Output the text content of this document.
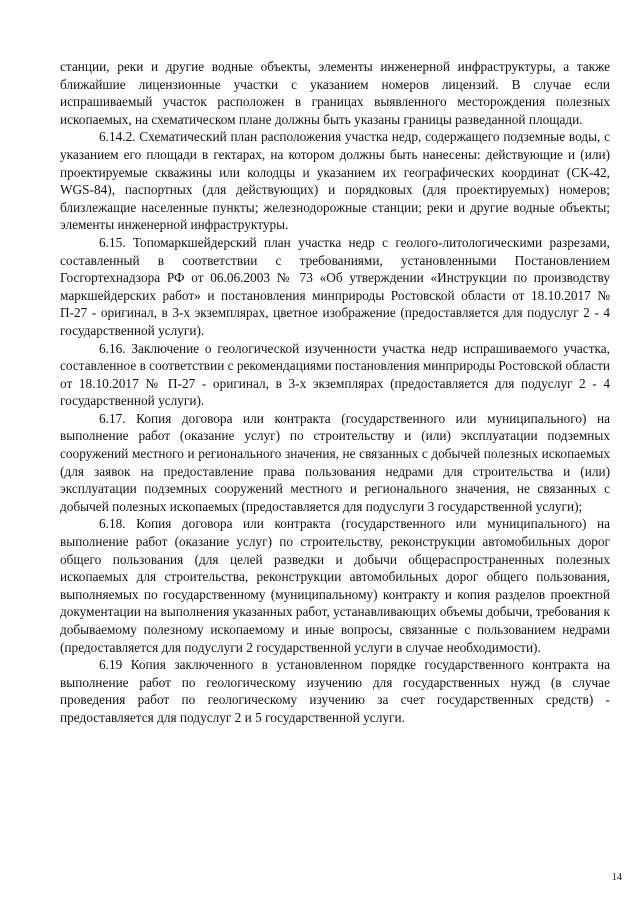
станции, реки и другие водные объекты, элементы инженерной инфраструктуры, а также ближайшие лицензионные участки с указанием номеров лицензий. В случае если испрашиваемый участок расположен в границах выявленного месторождения полезных ископаемых, на схематическом плане должны быть указаны границы разведанной площади.

6.14.2. Схематический план расположения участка недр, содержащего подземные воды, с указанием его площади в гектарах, на котором должны быть нанесены: действующие и (или) проектируемые скважины или колодцы и указанием их географических координат (СК-42, WGS-84), паспортных (для действующих) и порядковых (для проектируемых) номеров; близлежащие населенные пункты; железнодорожные станции; реки и другие водные объекты; элементы инженерной инфраструктуры.

6.15. Топомаркшейдерский план участка недр с геолого-литологическими разрезами, составленный в соответствии с требованиями, установленными Постановлением Госгортехнадзора РФ от 06.06.2003 № 73 «Об утверждении «Инструкции по производству маркшейдерских работ» и постановления минприроды Ростовской области от 18.10.2017 № П-27 - оригинал, в 3-х экземплярах, цветное изображение (предоставляется для подуслуг 2 - 4 государственной услуги).

6.16. Заключение о геологической изученности участка недр испрашиваемого участка, составленное в соответствии с рекомендациями постановления минприроды Ростовской области от 18.10.2017 № П-27 - оригинал, в 3-х экземплярах (предоставляется для подуслуг 2 - 4 государственной услуги).

6.17. Копия договора или контракта (государственного или муниципального) на выполнение работ (оказание услуг) по строительству и (или) эксплуатации подземных сооружений местного и регионального значения, не связанных с добычей полезных ископаемых (для заявок на предоставление права пользования недрами для строительства и (или) эксплуатации подземных сооружений местного и регионального значения, не связанных с добычей полезных ископаемых (предоставляется для подуслуги 3 государственной услуги);

6.18. Копия договора или контракта (государственного или муниципального) на выполнение работ (оказание услуг) по строительству, реконструкции автомобильных дорог общего пользования (для целей разведки и добычи общераспространенных полезных ископаемых для строительства, реконструкции автомобильных дорог общего пользования, выполняемых по государственному (муниципальному) контракту и копия разделов проектной документации на выполнения указанных работ, устанавливающих объемы добычи, требования к добываемому полезному ископаемому и иные вопросы, связанные с пользованием недрами (предоставляется для подуслуги 2 государственной услуги в случае необходимости).

6.19 Копия заключенного в установленном порядке государственного контракта на выполнение работ по геологическому изучению для государственных нужд (в случае проведения работ по геологическому изучению за счет государственных средств) - предоставляется для подуслуг 2 и 5 государственной услуги.

14
